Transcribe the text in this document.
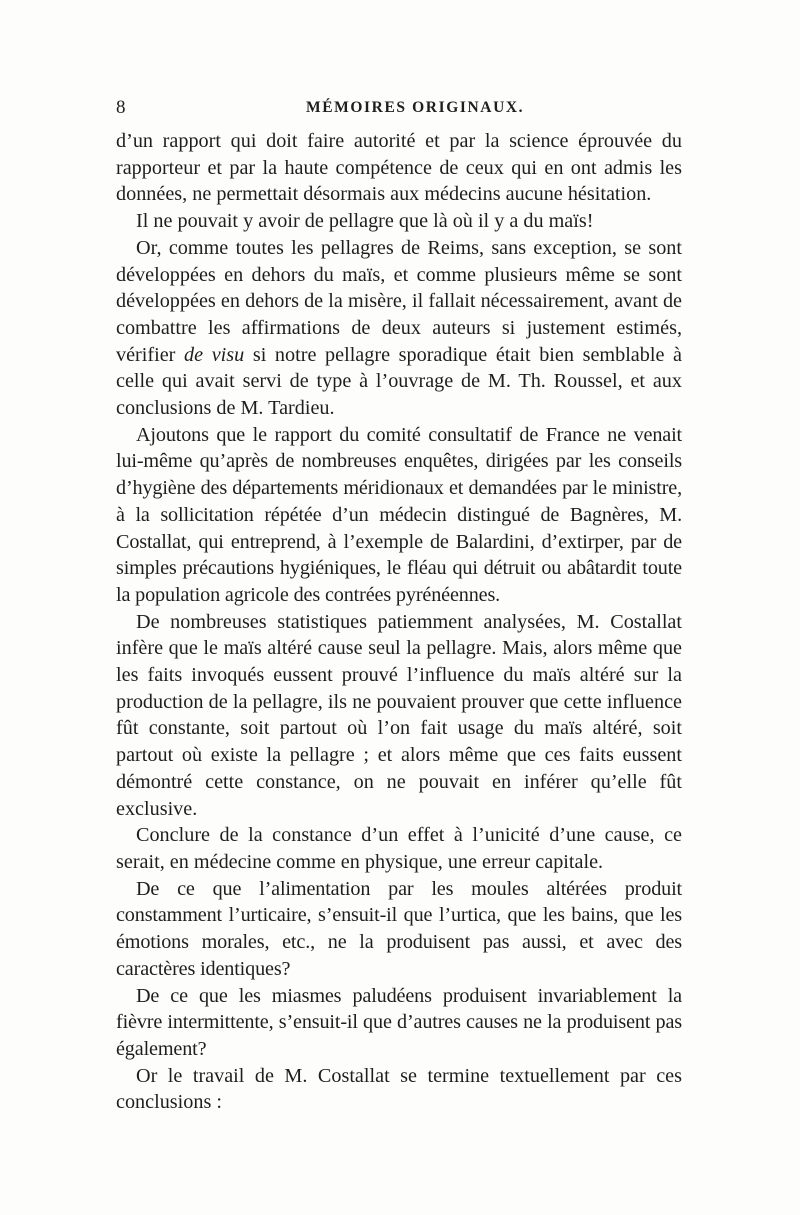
8	MÉMOIRES ORIGINAUX.

d’un rapport qui doit faire autorité et par la science éprouvée du rapporteur et par la haute compétence de ceux qui en ont admis les données, ne permettait désormais aux médecins aucune hésitation.

Il ne pouvait y avoir de pellagre que là où il y a du maïs!

Or, comme toutes les pellagres de Reims, sans exception, se sont développées en dehors du maïs, et comme plusieurs même se sont développées en dehors de la misère, il fallait nécessairement, avant de combattre les affirmations de deux auteurs si justement estimés, vérifier de visu si notre pellagre sporadique était bien semblable à celle qui avait servi de type à l’ouvrage de M. Th. Roussel, et aux conclusions de M. Tardieu.

Ajoutons que le rapport du comité consultatif de France ne venait lui-même qu’après de nombreuses enquêtes, dirigées par les conseils d’hygiène des départements méridionaux et demandées par le ministre, à la sollicitation répétée d’un médecin distingué de Bagnères, M. Costallat, qui entreprend, à l’exemple de Balardini, d’extirper, par de simples précautions hygiéniques, le fléau qui détruit ou abâtardit toute la population agricole des contrées pyrénéennes.

De nombreuses statistiques patiemment analysées, M. Costallat infère que le maïs altéré cause seul la pellagre. Mais, alors même que les faits invoqués eussent prouvé l’influence du maïs altéré sur la production de la pellagre, ils ne pouvaient prouver que cette influence fût constante, soit partout où l’on fait usage du maïs altéré, soit partout où existe la pellagre ; et alors même que ces faits eussent démontré cette constance, on ne pouvait en inférer qu’elle fût exclusive.

Conclure de la constance d’un effet à l’unicité d’une cause, ce serait, en médecine comme en physique, une erreur capitale.

De ce que l’alimentation par les moules altérées produit constamment l’urticaire, s’ensuit-il que l’urtica, que les bains, que les émotions morales, etc., ne la produisent pas aussi, et avec des caractères identiques?

De ce que les miasmes paludéens produisent invariablement la fièvre intermittente, s’ensuit-il que d’autres causes ne la produisent pas également?

Or le travail de M. Costallat se termine textuellement par ces conclusions :
